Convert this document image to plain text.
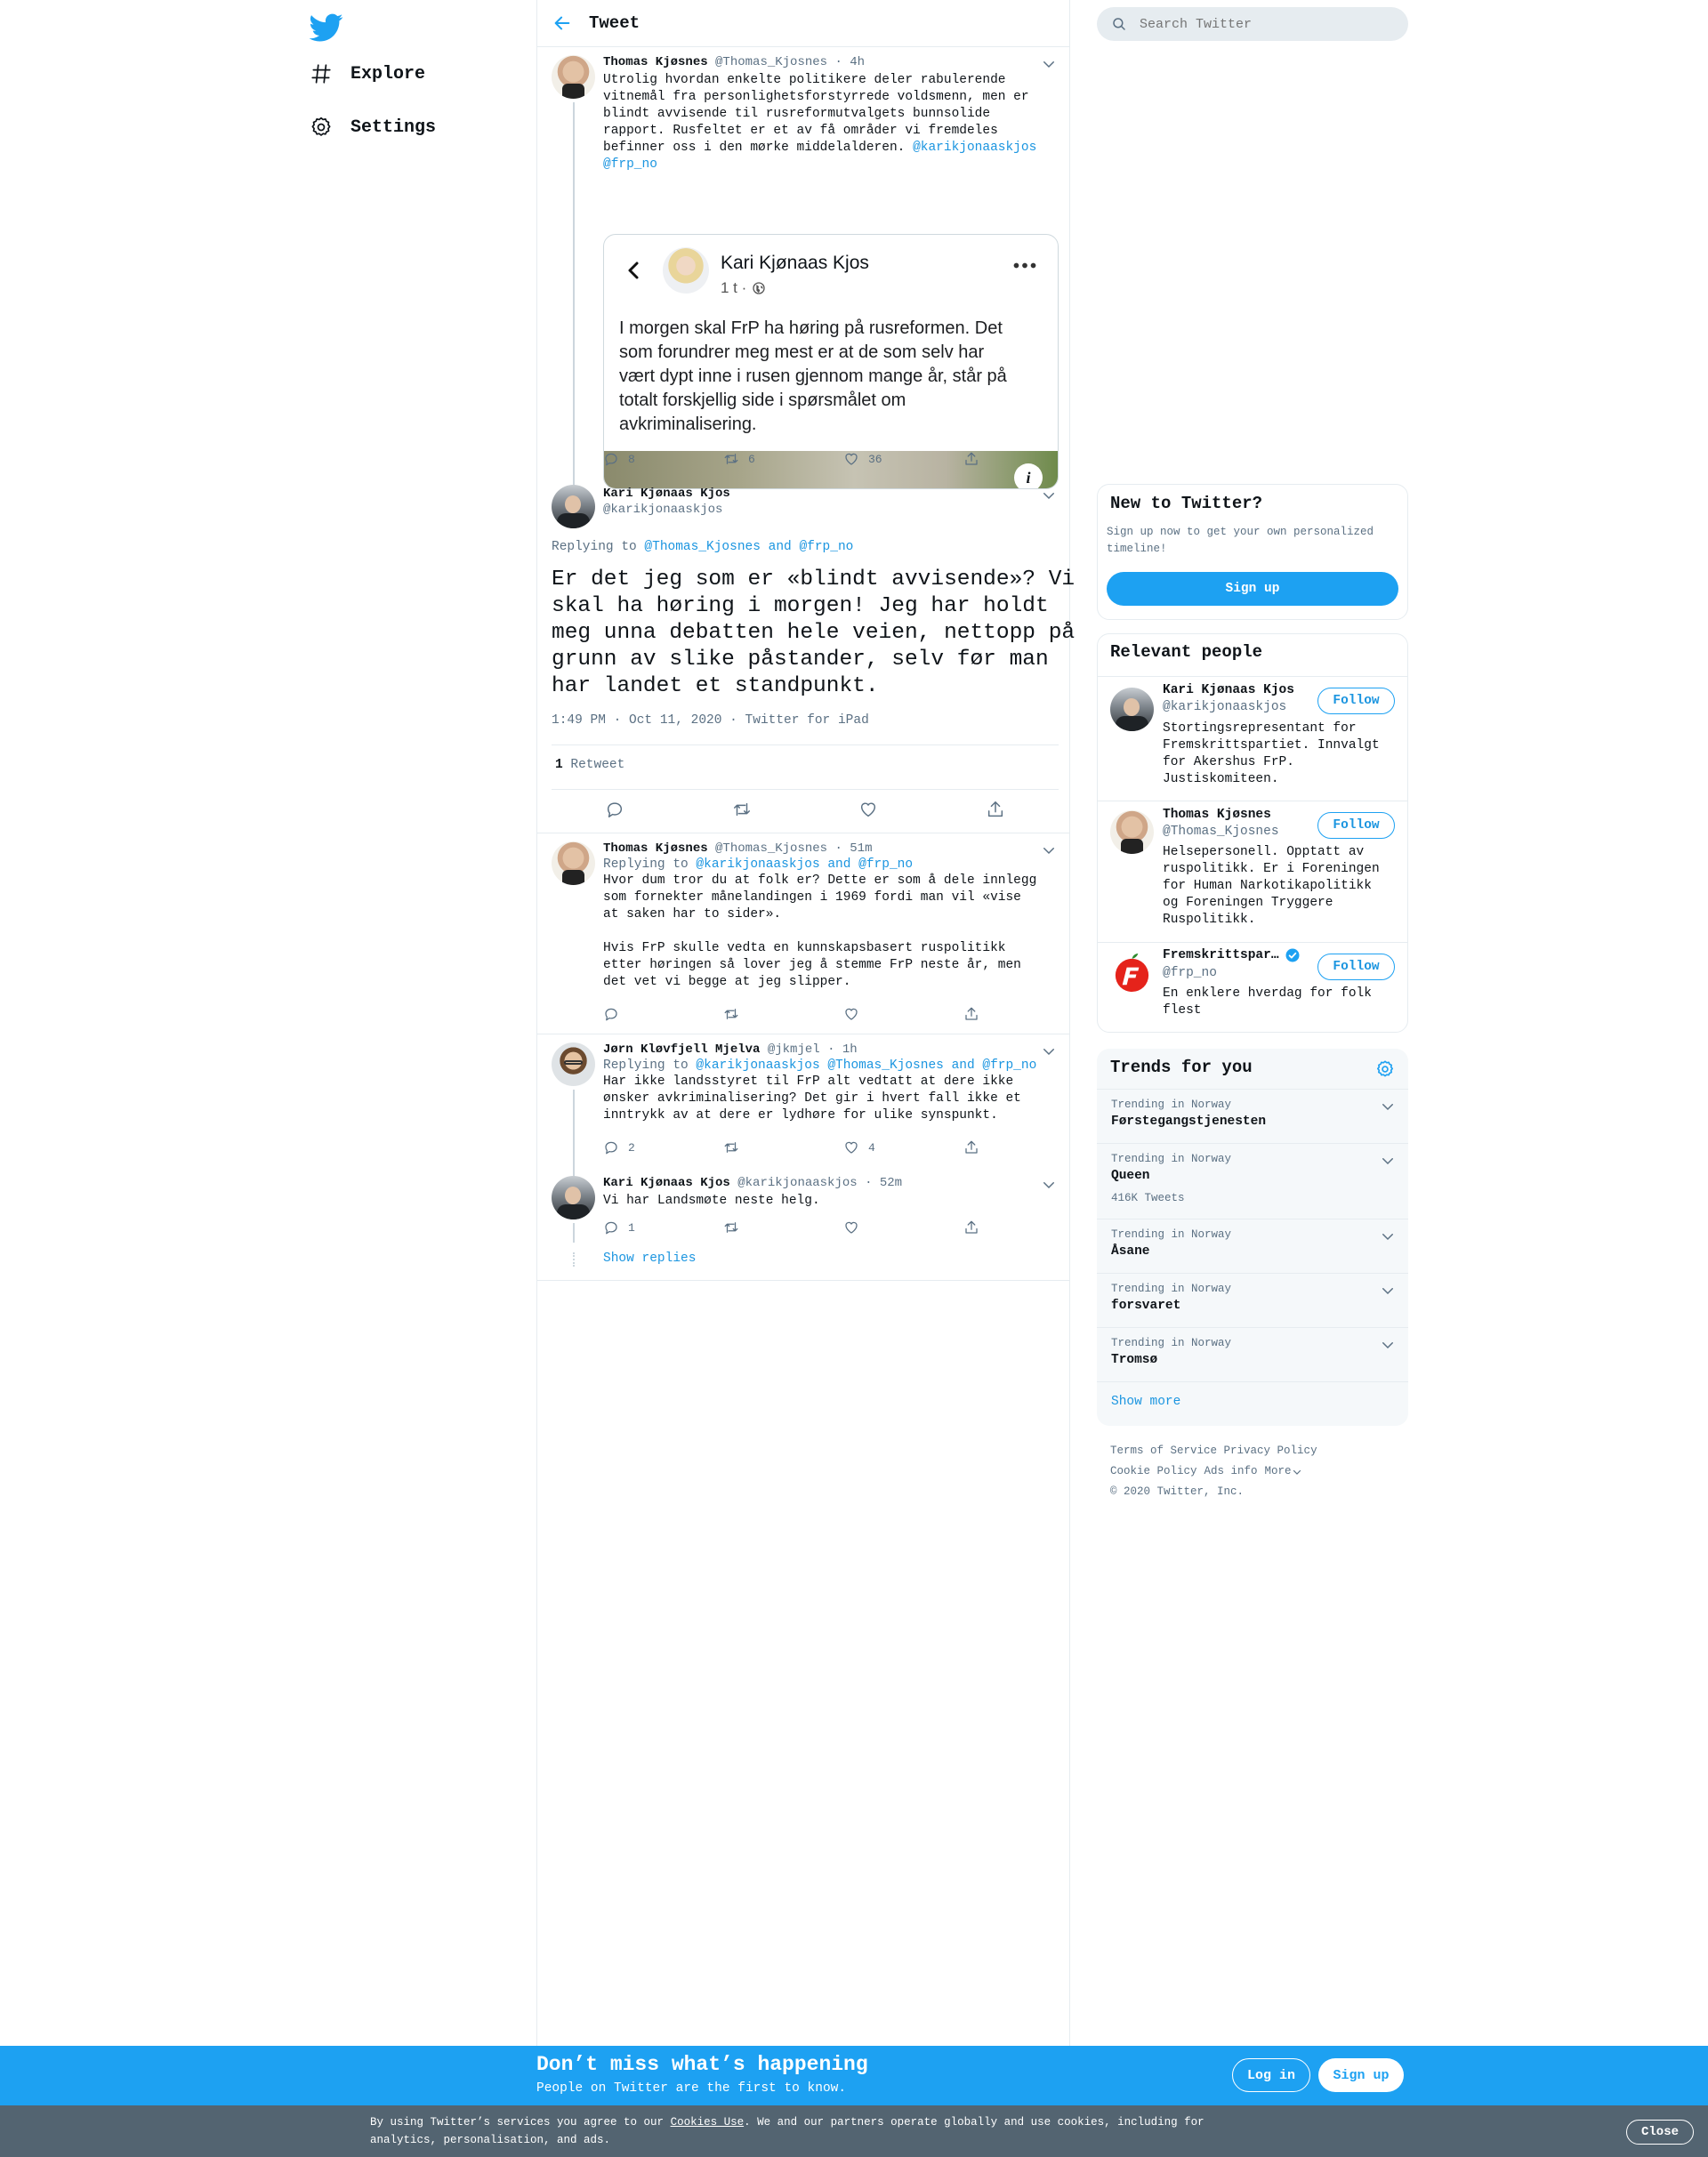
Explore
Settings
Tweet
Thomas Kjøsnes @Thomas_Kjosnes · 4h
Utrolig hvordan enkelte politikere deler rabulerende
vitnemål fra personlighetsforstyrrede voldsmenn, men er
blindt avvisende til rusreformutvalgets bunnsolide
rapport. Rusfeltet er et av få områder vi fremdeles
befinner oss i den mørke middelalderen. @karikjonaaskjos
@frp_no
Kari Kjønaas Kjos
1 t ·
I morgen skal FrP ha høring på rusreformen. Det
som forundrer meg mest er at de som selv har
vært dypt inne i rusen gjennom mange år, står på
totalt forskjellig side i spørsmålet om
avkriminalisering.
i
8	6	36
Kari Kjønaas Kjos
@karikjonaaskjos
Replying to @Thomas_Kjosnes and @frp_no
Er det jeg som er «blindt avvisende»? Vi
skal ha høring i morgen! Jeg har holdt
meg unna debatten hele veien, nettopp på
grunn av slike påstander, selv før man
har landet et standpunkt.
1:49 PM · Oct 11, 2020 · Twitter for iPad
1 Retweet
Thomas Kjøsnes @Thomas_Kjosnes · 51m
Replying to @karikjonaaskjos and @frp_no
Hvor dum tror du at folk er? Dette er som å dele innlegg
som fornekter månelandingen i 1969 fordi man vil «vise
at saken har to sider».

Hvis FrP skulle vedta en kunnskapsbasert ruspolitikk
etter høringen så lover jeg å stemme FrP neste år, men
det vet vi begge at jeg slipper.
Jørn Kløvfjell Mjelva @jkmjel · 1h
Replying to @karikjonaaskjos @Thomas_Kjosnes and @frp_no
Har ikke landsstyret til FrP alt vedtatt at dere ikke
ønsker avkriminalisering? Det gir i hvert fall ikke et
inntrykk av at dere er lydhøre for ulike synspunkt.
2	4
Kari Kjønaas Kjos @karikjonaaskjos · 52m
Vi har Landsmøte neste helg.
1
Show replies
Search Twitter
New to Twitter?
Sign up now to get your own personalized
timeline!
Sign up
Relevant people
Kari Kjønaas Kjos
@karikjonaaskjos
Stortingsrepresentant for
Fremskrittspartiet. Innvalgt
for Akershus FrP.
Justiskomiteen.
Follow
Thomas Kjøsnes
@Thomas_Kjosnes
Helsepersonell. Opptatt av
ruspolitikk. Er i Foreningen
for Human Narkotikapolitikk
og Foreningen Tryggere
Ruspolitikk.
Follow
Fremskrittspar…
@frp_no
En enklere hverdag for folk
flest
Follow
Trends for you
Trending in Norway
Førstegangstjenesten
Trending in Norway
Queen
416K Tweets
Trending in Norway
Åsane
Trending in Norway
forsvaret
Trending in Norway
Tromsø
Show more
Terms of Service Privacy Policy
Cookie Policy Ads info More
© 2020 Twitter, Inc.
Don’t miss what’s happening
People on Twitter are the first to know.
Log in	Sign up
By using Twitter’s services you agree to our Cookies Use. We and our partners operate globally and use cookies, including for
analytics, personalisation, and ads.
Close
